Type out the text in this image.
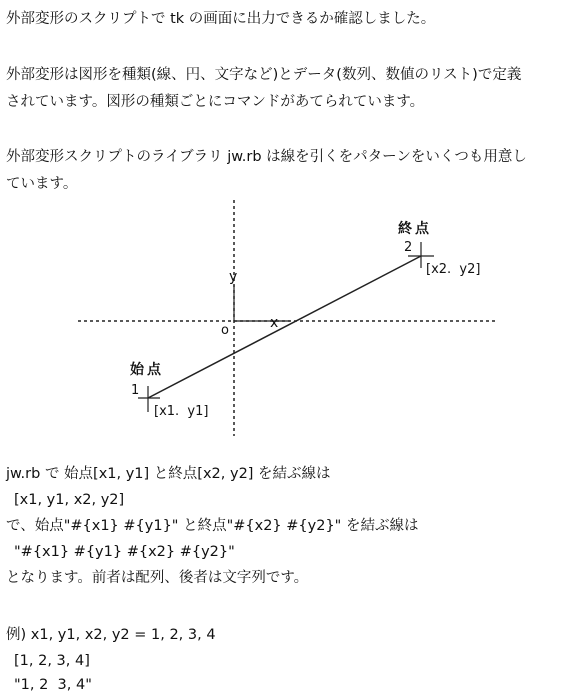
外部変形のスクリプトで tk の画面に出力できるか確認しました。
外部変形は図形を種類(線、円、文字など)とデータ(数列、数値のリスト)で定義
されています。図形の種類ごとにコマンドがあてられています。
外部変形スクリプトのライブラリ jw.rb は線を引くをパターンをいくつも用意し
ています。
終点
2
[x2.  y2]
y
x
o
始点
1
[x1.  y1]
jw.rb で 始点[x1, y1] と終点[x2, y2] を結ぶ線は
[x1, y1, x2, y2]
で、始点"#{x1} #{y1}" と終点"#{x2} #{y2}" を結ぶ線は
"#{x1} #{y1} #{x2} #{y2}"
となります。前者は配列、後者は文字列です。
例) x1, y1, x2, y2 = 1, 2, 3, 4
[1, 2, 3, 4]
"1, 2  3, 4"
